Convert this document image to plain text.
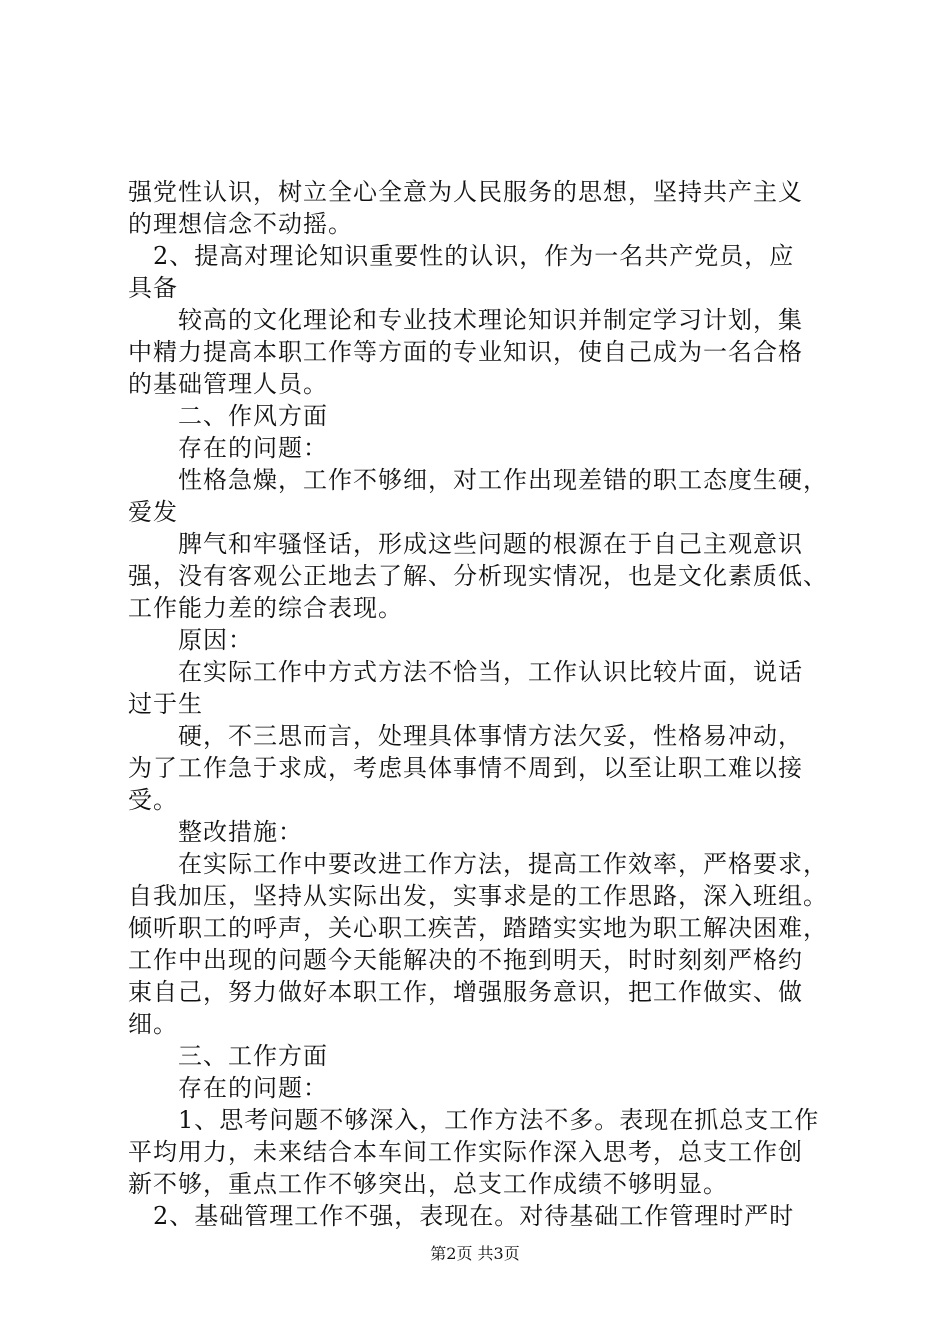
强党性认识，树立全心全意为人民服务的思想，坚持共产主义
的理想信念不动摇。
　2、提高对理论知识重要性的认识，作为一名共产党员，应
具备
　　较高的文化理论和专业技术理论知识并制定学习计划，集
中精力提高本职工作等方面的专业知识，使自己成为一名合格
的基础管理人员。
　　二、作风方面
　　存在的问题：
　　性格急燥，工作不够细，对工作出现差错的职工态度生硬，
爱发
　　脾气和牢骚怪话，形成这些问题的根源在于自己主观意识
强，没有客观公正地去了解、分析现实情况，也是文化素质低、
工作能力差的综合表现。
　　原因：
　　在实际工作中方式方法不恰当，工作认识比较片面，说话
过于生
　　硬，不三思而言，处理具体事情方法欠妥，性格易冲动，
为了工作急于求成，考虑具体事情不周到，以至让职工难以接
受。
　　整改措施：
　　在实际工作中要改进工作方法，提高工作效率，严格要求，
自我加压，坚持从实际出发，实事求是的工作思路，深入班组。
倾听职工的呼声，关心职工疾苦，踏踏实实地为职工解决困难，
工作中出现的问题今天能解决的不拖到明天，时时刻刻严格约
束自己，努力做好本职工作，增强服务意识，把工作做实、做
细。
　　三、工作方面
　　存在的问题：
　　1、思考问题不够深入，工作方法不多。表现在抓总支工作
平均用力，未来结合本车间工作实际作深入思考，总支工作创
新不够，重点工作不够突出，总支工作成绩不够明显。
　2、基础管理工作不强，表现在。对待基础工作管理时严时
第2页 共3页
